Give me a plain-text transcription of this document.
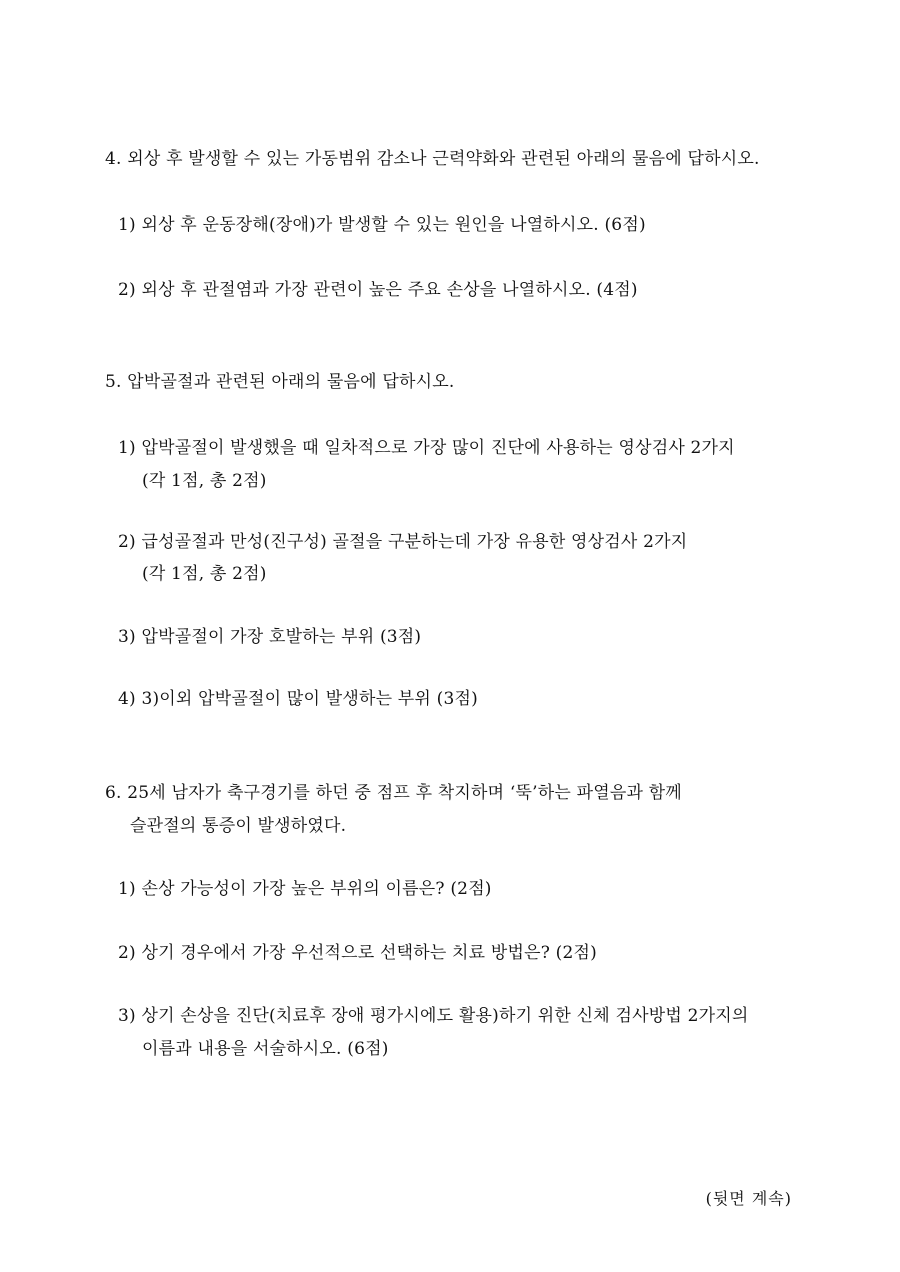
4. 외상 후 발생할 수 있는 가동범위 감소나 근력약화와 관련된 아래의 물음에 답하시오.
1) 외상 후 운동장해(장애)가 발생할 수 있는 원인을 나열하시오. (6점)
2) 외상 후 관절염과 가장 관련이 높은 주요 손상을 나열하시오. (4점)
5. 압박골절과 관련된 아래의 물음에 답하시오.
1) 압박골절이 발생했을 때 일차적으로 가장 많이 진단에 사용하는 영상검사 2가지
(각 1점, 총 2점)
2) 급성골절과 만성(진구성) 골절을 구분하는데 가장 유용한 영상검사 2가지
(각 1점, 총 2점)
3) 압박골절이 가장 호발하는 부위 (3점)
4) 3)이외 압박골절이 많이 발생하는 부위 (3점)
6. 25세 남자가 축구경기를 하던 중 점프 후 착지하며 ‘뚝’하는 파열음과 함께
슬관절의 통증이 발생하였다.
1) 손상 가능성이 가장 높은 부위의 이름은? (2점)
2) 상기 경우에서 가장 우선적으로 선택하는 치료 방법은? (2점)
3) 상기 손상을 진단(치료후 장애 평가시에도 활용)하기 위한 신체 검사방법 2가지의
이름과 내용을 서술하시오. (6점)
(뒷면 계속)
